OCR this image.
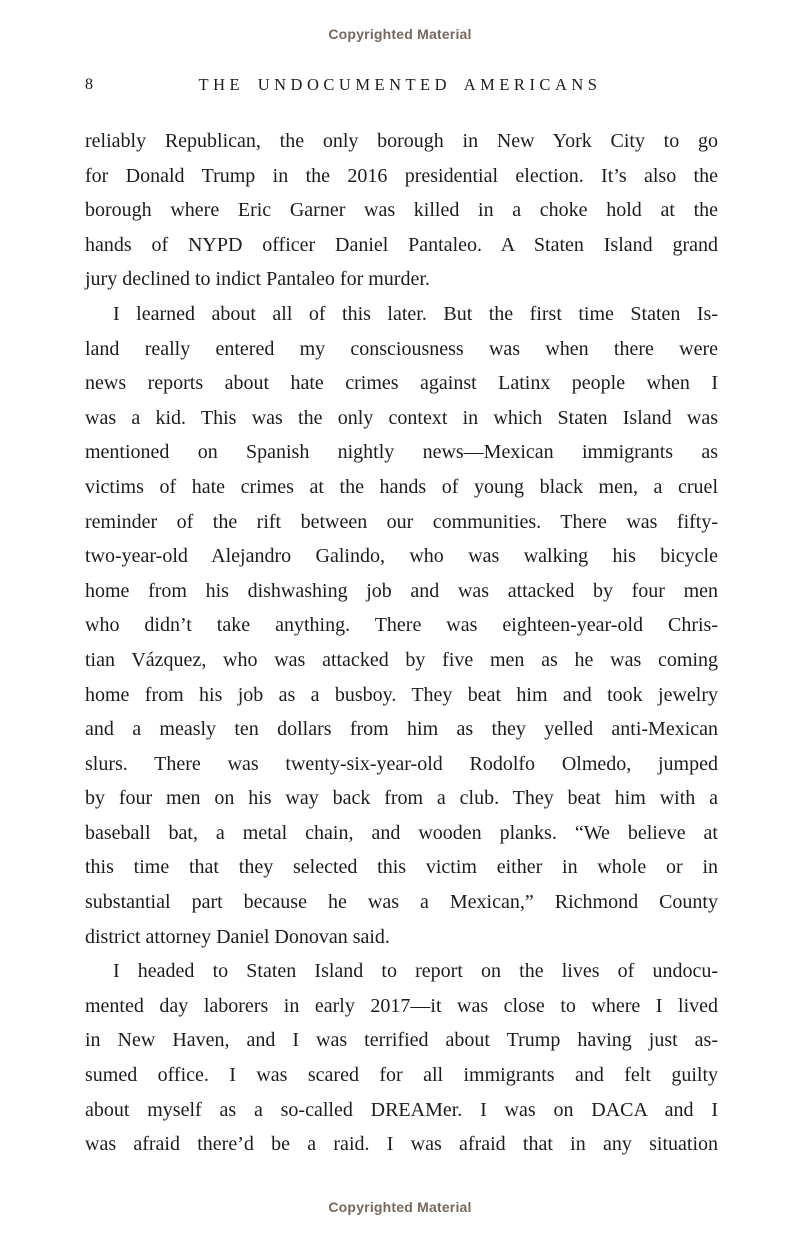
Copyrighted Material
8	THE UNDOCUMENTED AMERICANS
reliably Republican, the only borough in New York City to go
for Donald Trump in the 2016 presidential election. It’s also the
borough where Eric Garner was killed in a choke hold at the
hands of NYPD officer Daniel Pantaleo. A Staten Island grand
jury declined to indict Pantaleo for murder.
I learned about all of this later. But the first time Staten Is-
land really entered my consciousness was when there were
news reports about hate crimes against Latinx people when I
was a kid. This was the only context in which Staten Island was
mentioned on Spanish nightly news—Mexican immigrants as
victims of hate crimes at the hands of young black men, a cruel
reminder of the rift between our communities. There was fifty-
two-year-old Alejandro Galindo, who was walking his bicycle
home from his dishwashing job and was attacked by four men
who didn’t take anything. There was eighteen-year-old Chris-
tian Vázquez, who was attacked by five men as he was coming
home from his job as a busboy. They beat him and took jewelry
and a measly ten dollars from him as they yelled anti-Mexican
slurs. There was twenty-six-year-old Rodolfo Olmedo, jumped
by four men on his way back from a club. They beat him with a
baseball bat, a metal chain, and wooden planks. “We believe at
this time that they selected this victim either in whole or in
substantial part because he was a Mexican,” Richmond County
district attorney Daniel Donovan said.
I headed to Staten Island to report on the lives of undocu-
mented day laborers in early 2017—it was close to where I lived
in New Haven, and I was terrified about Trump having just as-
sumed office. I was scared for all immigrants and felt guilty
about myself as a so-called DREAMer. I was on DACA and I
was afraid there’d be a raid. I was afraid that in any situation
Copyrighted Material
